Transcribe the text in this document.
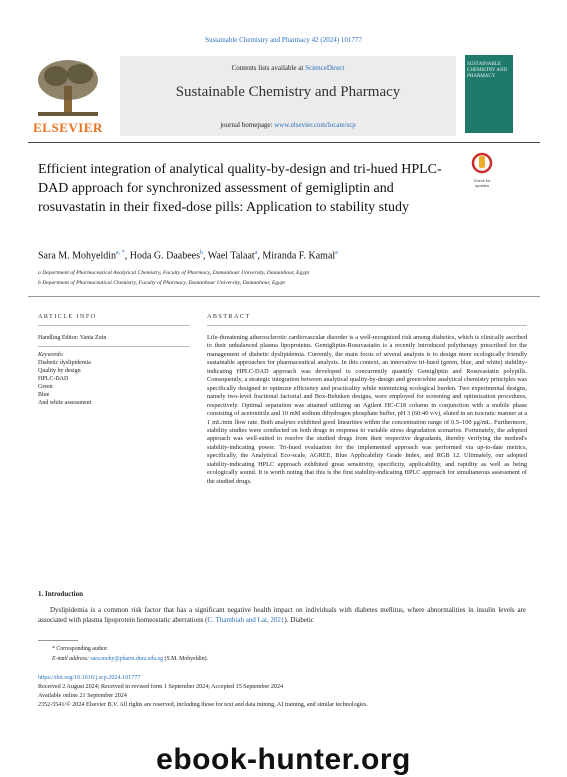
Sustainable Chemistry and Pharmacy 42 (2024) 101777
ELSEVIER
Contents lists available at ScienceDirect
Sustainable Chemistry and Pharmacy
journal homepage: www.elsevier.com/locate/scp
SUSTAINABLE CHEMISTRY AND PHARMACY
Efficient integration of analytical quality-by-design and tri-hued HPLC-DAD approach for synchronized assessment of gemigliptin and rosuvastatin in their fixed-dose pills: Application to stability study
Check for updates
Sara M. Mohyeldin$^{a, *}$, Hoda G. Daabees$^b$, Wael Talaat$^a$, Miranda F. Kamal$^a$
a Department of Pharmaceutical Analytical Chemistry, Faculty of Pharmacy, Damanhour University, Damanhour, Egypt
b Department of Pharmaceutical Chemistry, Faculty of Pharmacy, Damanhour University, Damanhour, Egypt
ARTICLE INFO
Handling Editor: Vania Zuin
Keywords:
Diabetic dyslipidemia
Quality by design
HPLC-DAD
Green
Blue
And white assessment
ABSTRACT
Life-threatening atherosclerotic cardiovascular disorder is a well-recognized risk among diabetics, which is clinically ascribed to their unbalanced plasma lipoproteins. Gemigliptin-Rosuvastatin is a recently introduced polytherapy prescribed for the management of diabetic dyslipidemia. Currently, the main focus of several analysts is to design more ecologically friendly sustainable approaches for pharmaceutical analysis. In this context, an innovative tri-hued (green, blue, and white) stability-indicating HPLC-DAD approach was developed to concurrently quantify Gemigliptin and Rosuvastatin polypills. Consequently, a strategic integration between analytical quality-by-design and green/white analytical chemistry principles was specifically designed to optimize efficiency and practicality while minimizing ecological burden. Two experimental designs, namely two-level fractional factorial and Box-Behnken designs, were employed for screening and optimization procedures, respectively. Optimal separation was attained utilizing an Agilent HC-C18 column in conjunction with a mobile phase consisting of acetonitrile and 10 mM sodium dihydrogen phosphate buffer, pH 3 (60:40 v/v), eluted in an isocratic manner at a 1 mL/min flow rate. Both analytes exhibited good linearities within the concentration range of 0.5–100 μg/mL. Furthermore, stability studies were conducted on both drugs in response to variable stress degradation scenarios. Fortunately, the adopted approach was well-suited to resolve the studied drugs from their respective degradants, thereby verifying the method's stability-indicating power. Tri-hued evaluation for the implemented approach was performed via up-to-date metrics, specifically, the Analytical Eco-scale, AGREE, Blue Applicability Grade Index, and RGB 12. Ultimately, our adopted stability-indicating HPLC approach exhibited great sensitivity, specificity, applicability, and rapidity as well as being ecologically sound. It is worth noting that this is the first stability-indicating HPLC approach for simultaneous assessment of the studied drugs.
1. Introduction
Dyslipidemia is a common risk factor that has a significant negative health impact on individuals with diabetes mellitus, where abnormalities in insulin levels are associated with plasma lipoprotein homeostatic aberrations (C. Thambiah and Lai, 2021). Diabetic
* Corresponding author.
E-mail address: sara.mohy@pharm.dmu.edu.eg (S.M. Mohyeldin).
https://doi.org/10.1016/j.scp.2024.101777
Received 2 August 2024; Received in revised form 1 September 2024; Accepted 15 September 2024
Available online 21 September 2024
2352-5541/© 2024 Elsevier B.V. All rights are reserved, including those for text and data mining, AI training, and similar technologies.
ebook-hunter.org
